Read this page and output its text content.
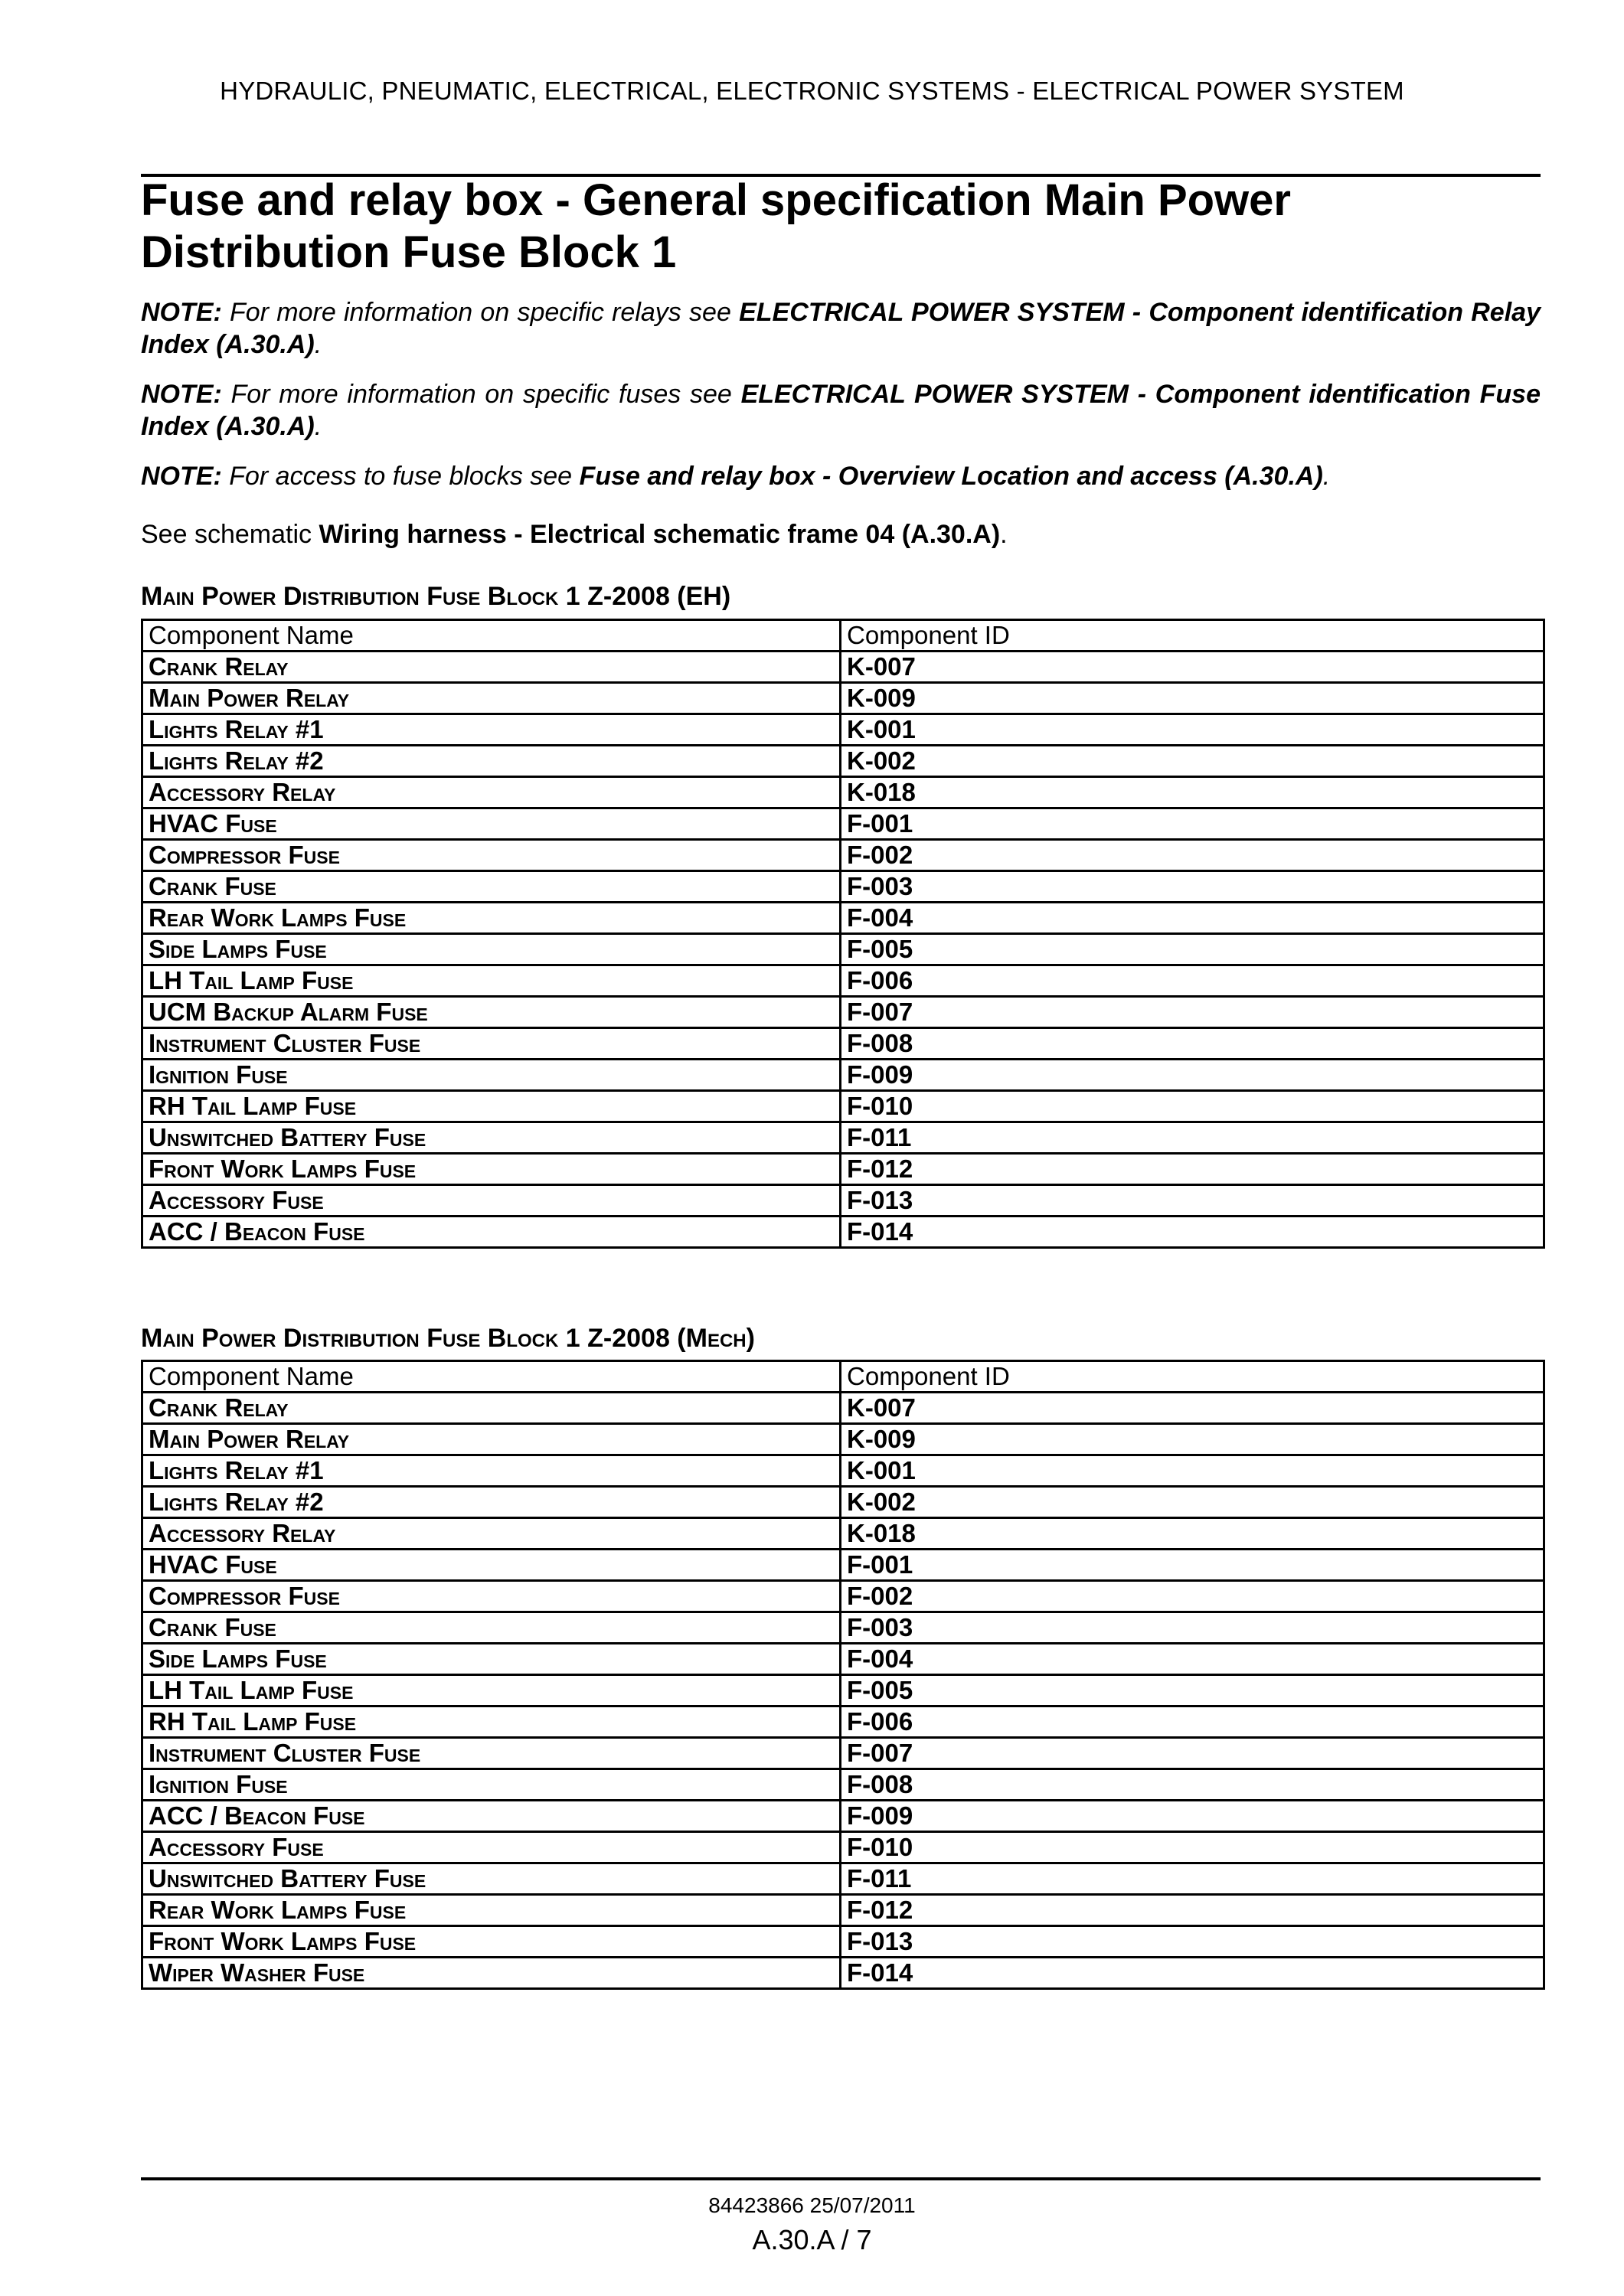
HYDRAULIC, PNEUMATIC, ELECTRICAL, ELECTRONIC SYSTEMS - ELECTRICAL POWER SYSTEM
Fuse and relay box - General specification Main Power Distribution Fuse Block 1

NOTE: For more information on specific relays see ELECTRICAL POWER SYSTEM - Component identification Relay Index (A.30.A).

NOTE: For more information on specific fuses see ELECTRICAL POWER SYSTEM - Component identification Fuse Index (A.30.A).

NOTE: For access to fuse blocks see Fuse and relay box - Overview Location and access (A.30.A).

See schematic Wiring harness - Electrical schematic frame 04 (A.30.A).

Main Power Distribution Fuse Block 1 Z-2008 (EH)

Component Name	Component ID
Crank Relay	K-007
Main Power Relay	K-009
Lights Relay #1	K-001
Lights Relay #2	K-002
Accessory Relay	K-018
HVAC Fuse	F-001
Compressor Fuse	F-002
Crank Fuse	F-003
Rear Work Lamps Fuse	F-004
Side Lamps Fuse	F-005
LH Tail Lamp Fuse	F-006
UCM Backup Alarm Fuse	F-007
Instrument Cluster Fuse	F-008
Ignition Fuse	F-009
RH Tail Lamp Fuse	F-010
Unswitched Battery Fuse	F-011
Front Work Lamps Fuse	F-012
Accessory Fuse	F-013
ACC / Beacon Fuse	F-014

Main Power Distribution Fuse Block 1 Z-2008 (Mech)

Component Name	Component ID
Crank Relay	K-007
Main Power Relay	K-009
Lights Relay #1	K-001
Lights Relay #2	K-002
Accessory Relay	K-018
HVAC Fuse	F-001
Compressor Fuse	F-002
Crank Fuse	F-003
Side Lamps Fuse	F-004
LH Tail Lamp Fuse	F-005
RH Tail Lamp Fuse	F-006
Instrument Cluster Fuse	F-007
Ignition Fuse	F-008
ACC / Beacon Fuse	F-009
Accessory Fuse	F-010
Unswitched Battery Fuse	F-011
Rear Work Lamps Fuse	F-012
Front Work Lamps Fuse	F-013
Wiper Washer Fuse	F-014
84423866 25/07/2011
A.30.A / 7
